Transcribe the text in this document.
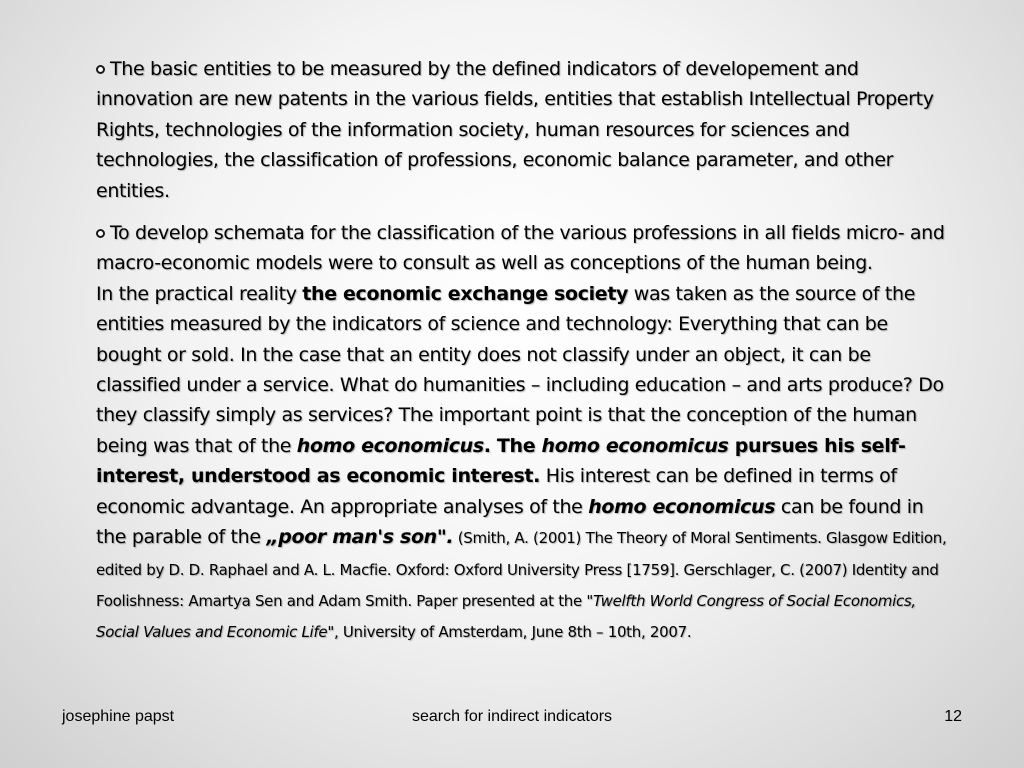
The basic entities to be measured by the defined indicators of developement and innovation are new patents in the various fields, entities that establish Intellectual Property Rights, technologies of the information society, human resources for sciences and technologies, the classification of professions, economic balance parameter, and other entities.

To develop schemata for the classification of the various professions in all fields micro- and macro-economic models were to consult as well as conceptions of the human being.

In the practical reality the economic exchange society was taken as the source of the entities measured by the indicators of science and technology: Everything that can be bought or sold. In the case that an entity does not classify under an object, it can be classified under a service. What do humanities – including education – and arts produce? Do they classify simply as services? The important point is that the conception of the human being was that of the homo economicus. The homo economicus pursues his self-interest, understood as economic interest. His interest can be defined in terms of economic advantage. An appropriate analyses of the homo economicus can be found in the parable of the „poor man's son". (Smith, A. (2001) The Theory of Moral Sentiments. Glasgow Edition, edited by D. D. Raphael and A. L. Macfie. Oxford: Oxford University Press [1759]. Gerschlager, C. (2007) Identity and Foolishness: Amartya Sen and Adam Smith. Paper presented at the "Twelfth World Congress of Social Economics, Social Values and Economic Life", University of Amsterdam, June 8th – 10th, 2007.

josephine papst	search for indirect indicators	12
